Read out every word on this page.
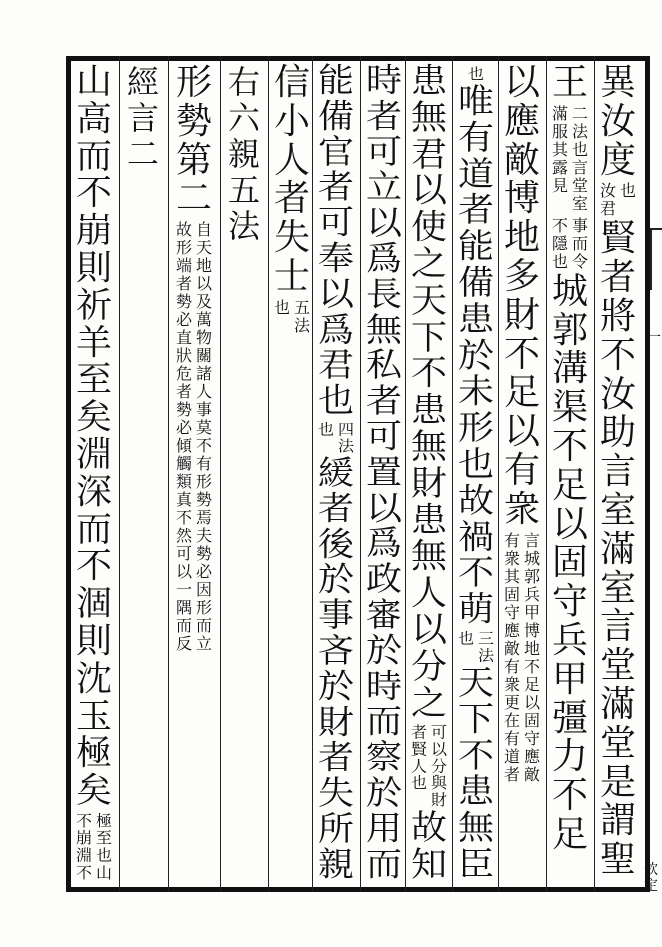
異
汝
度
也
汝
君
賢
者
將
不
汝
助
言
室
滿
室
言
堂
滿
堂
是
謂
聖
王
二
法
也
言
堂
室
滿
服
其
露
見
事
而
令
不
隱
也
城
郭
溝
渠
不
足
以
固
守
兵
甲
彊
力
不
足
以
應
敵
博
地
多
財
不
足
以
有
衆
言
城
郭
兵
甲
博
地
不
足
以
固
守
應
敵
有
衆
其
固
守
應
敵
有
衆
更
在
有
道
者
也
唯
有
道
者
能
備
患
於
未
形
也
故
禍
不
萌
三
法
也
天
下
不
患
無
臣
患
無
君
以
使
之
天
下
不
患
無
財
患
無
人
以
分
之
可
以
分
與
財
者
賢
人
也
故
知
時
者
可
立
以
爲
長
無
私
者
可
置
以
爲
政
審
於
時
而
察
於
用
而
能
備
官
者
可
奉
以
爲
君
也
四
法
也
緩
者
後
於
事
吝
於
財
者
失
所
親
信
小
人
者
失
士
五
法
也
右
六
親
五
法
形
勢
第
二
自
天
地
以
及
萬
物
關
諸
人
事
莫
不
有
形
勢
焉
夫
勢
必
因
形
而
立
故
形
端
者
勢
必
直
狀
危
者
勢
必
傾
觸
類
真
不
然
可
以
一
隅
而
反
經
言
二
山
高
而
不
崩
則
祈
羊
至
矣
淵
深
而
不
涸
則
沈
玉
極
矣
極
至
也
山
不
崩
淵
不
一
欽定
